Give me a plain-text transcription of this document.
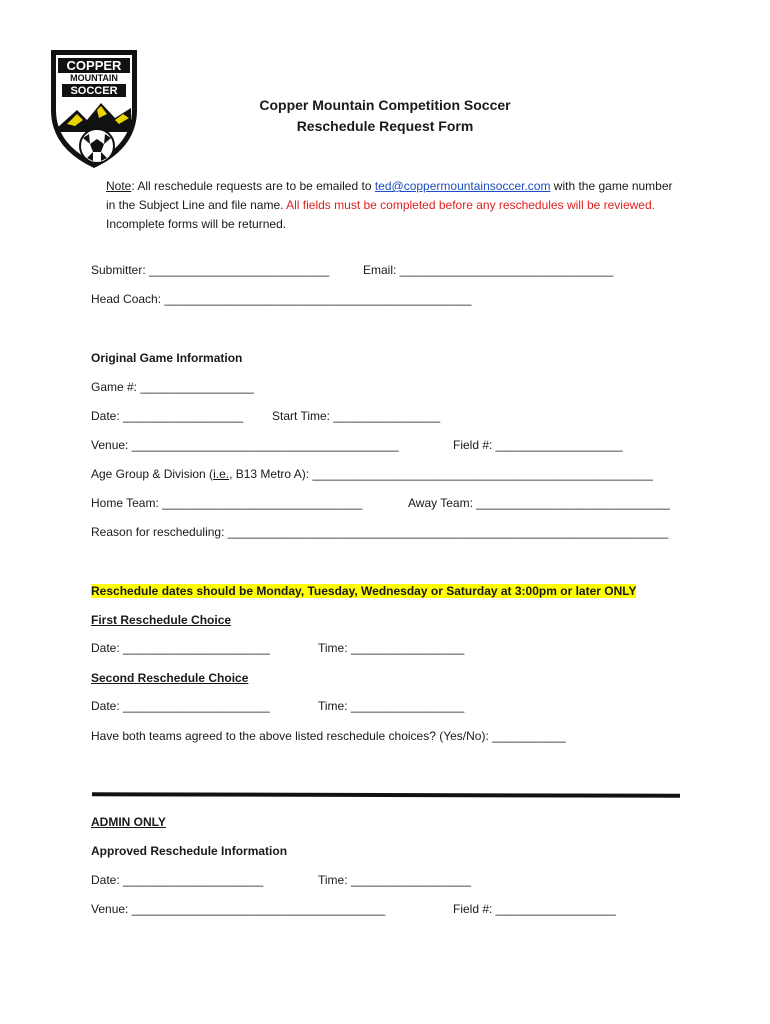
COPPER
MOUNTAIN
SOCCER
Copper Mountain Competition Soccer
Reschedule Request Form
Note: All reschedule requests are to be emailed to ted@coppermountainsoccer.com with the game number in the Subject Line and file name. All fields must be completed before any reschedules will be reviewed. Incomplete forms will be returned.
Submitter: ___________________________	Email: ________________________________
Head Coach: ______________________________________________
Original Game Information
Game #: _________________
Date: __________________ Start Time: ________________
Venue: ________________________________________	Field #: ___________________
Age Group & Division (i.e., B13 Metro A): ___________________________________________________
Home Team: ______________________________	Away Team: _____________________________
Reason for rescheduling: __________________________________________________________________
Reschedule dates should be Monday, Tuesday, Wednesday or Saturday at 3:00pm or later ONLY
First Reschedule Choice
Date: ______________________	Time: _________________
Second Reschedule Choice
Date: ______________________	Time: _________________
Have both teams agreed to the above listed reschedule choices? (Yes/No): ___________
ADMIN ONLY
Approved Reschedule Information
Date: _____________________	Time: __________________
Venue: ______________________________________	Field #: __________________
